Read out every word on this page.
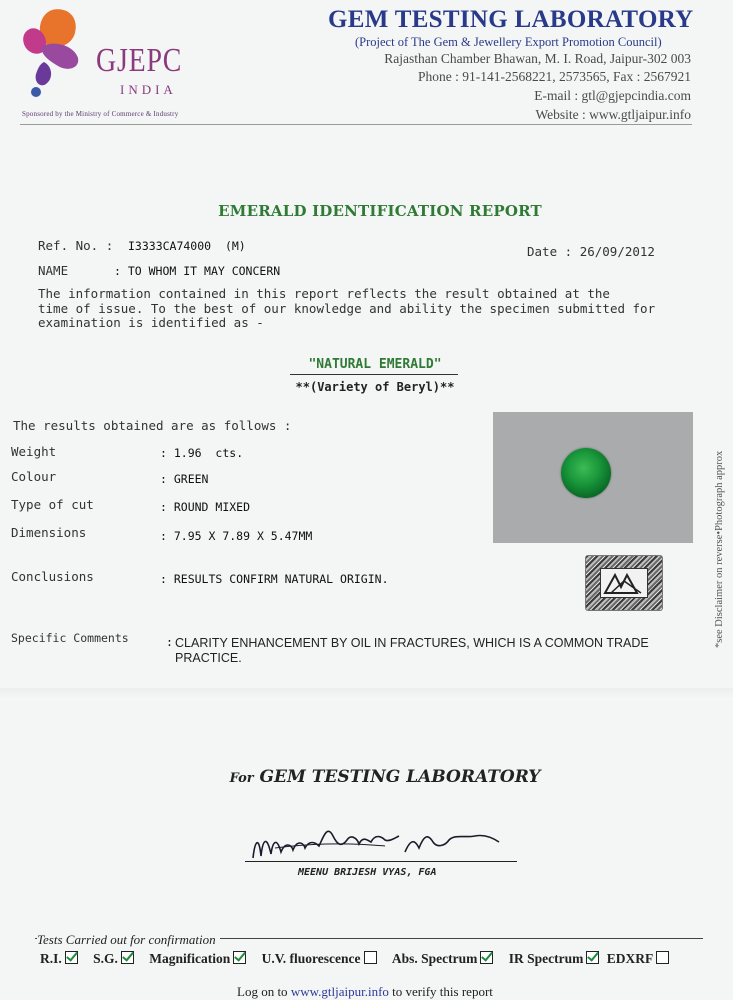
GJEPC
INDIA
Sponsored by the Ministry of Commerce & Industry
GEM TESTING LABORATORY
(Project of The Gem & Jewellery Export Promotion Council)
Rajasthan Chamber Bhawan, M. I. Road, Jaipur-302 003
Phone : 91-141-2568221, 2573565, Fax : 2567921
E-mail : gtl@gjepcindia.com
Website : www.gtljaipur.info
EMERALD IDENTIFICATION REPORT
Ref. No. : I3333CA74000 (M)	Date : 26/09/2012
NAME	: TO WHOM IT MAY CONCERN
The information contained in this report reflects the result obtained at the
time of issue. To the best of our knowledge and ability the specimen submitted for
examination is identified as -
"NATURAL EMERALD"
**(Variety of Beryl)**
The results obtained are as follows :
Weight	: 1.96 cts.
Colour	: GREEN
Type of cut	: ROUND MIXED
Dimensions	: 7.95 X 7.89 X 5.47MM
Conclusions	: RESULTS CONFIRM NATURAL ORIGIN.
Specific Comments	: CLARITY ENHANCEMENT BY OIL IN FRACTURES, WHICH IS A COMMON TRADE PRACTICE.
*see Disclaimer on reverse•Photograph approx
For GEM TESTING LABORATORY
MEENU BRIJESH VYAS, FGA
Tests Carried out for confirmation
R.I. S.G. Magnification U.V. fluorescence Abs. Spectrum IR Spectrum EDXRF
Log on to www.gtljaipur.info to verify this report
